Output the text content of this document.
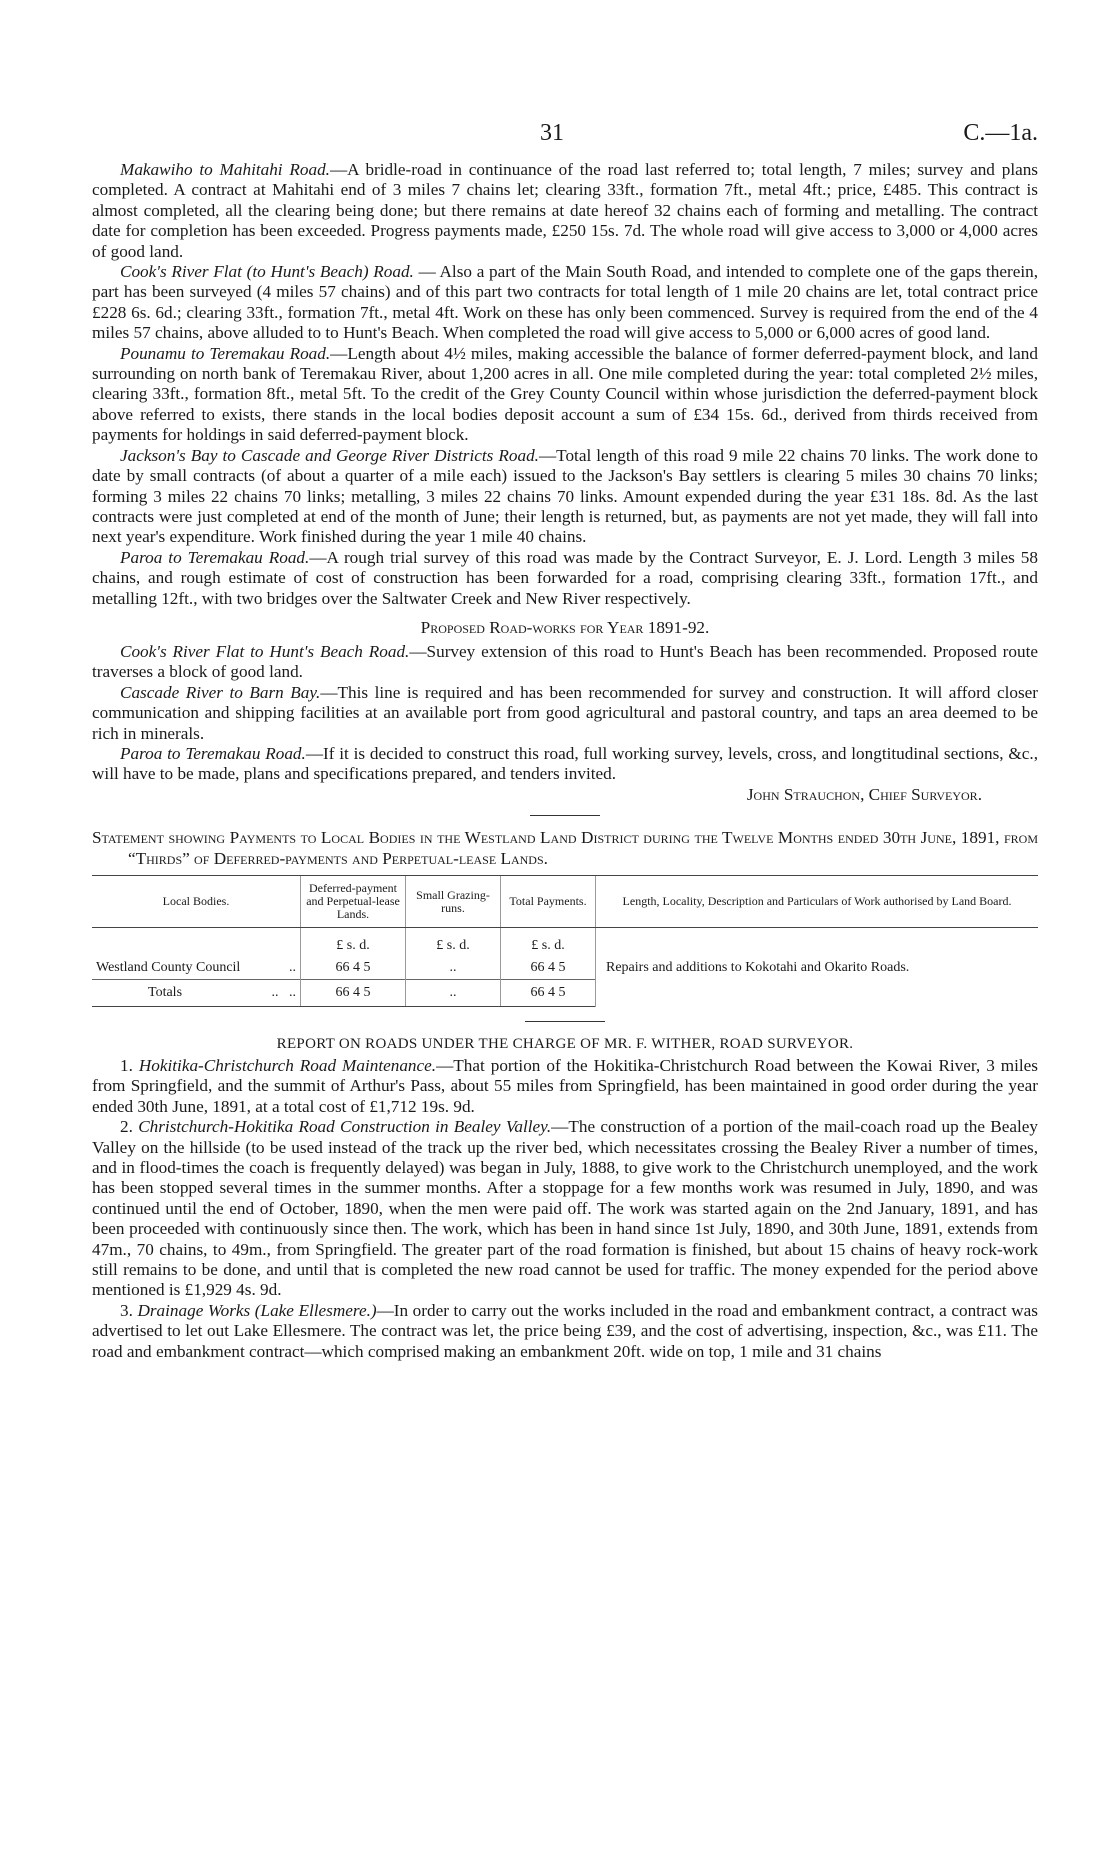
31	C.—1a.

Makawiho to Mahitahi Road.—A bridle-road in continuance of the road last referred to; total length, 7 miles; survey and plans completed. A contract at Mahitahi end of 3 miles 7 chains let; clearing 33ft., formation 7ft., metal 4ft.; price, £485. This contract is almost completed, all the clearing being done; but there remains at date hereof 32 chains each of forming and metalling. The contract date for completion has been exceeded. Progress payments made, £250 15s. 7d. The whole road will give access to 3,000 or 4,000 acres of good land.

Cook's River Flat (to Hunt's Beach) Road. — Also a part of the Main South Road, and intended to complete one of the gaps therein, part has been surveyed (4 miles 57 chains) and of this part two contracts for total length of 1 mile 20 chains are let, total contract price £228 6s. 6d.; clearing 33ft., formation 7ft., metal 4ft. Work on these has only been commenced. Survey is required from the end of the 4 miles 57 chains, above alluded to to Hunt's Beach. When completed the road will give access to 5,000 or 6,000 acres of good land.

Pounamu to Teremakau Road.—Length about 4½ miles, making accessible the balance of former deferred-payment block, and land surrounding on north bank of Teremakau River, about 1,200 acres in all. One mile completed during the year: total completed 2½ miles, clearing 33ft., formation 8ft., metal 5ft. To the credit of the Grey County Council within whose jurisdiction the deferred-payment block above referred to exists, there stands in the local bodies deposit account a sum of £34 15s. 6d., derived from thirds received from payments for holdings in said deferred-payment block.

Jackson's Bay to Cascade and George River Districts Road.—Total length of this road 9 mile 22 chains 70 links. The work done to date by small contracts (of about a quarter of a mile each) issued to the Jackson's Bay settlers is clearing 5 miles 30 chains 70 links; forming 3 miles 22 chains 70 links; metalling, 3 miles 22 chains 70 links. Amount expended during the year £31 18s. 8d. As the last contracts were just completed at end of the month of June; their length is returned, but, as payments are not yet made, they will fall into next year's expenditure. Work finished during the year 1 mile 40 chains.

Paroa to Teremakau Road.—A rough trial survey of this road was made by the Contract Surveyor, E. J. Lord. Length 3 miles 58 chains, and rough estimate of cost of construction has been forwarded for a road, comprising clearing 33ft., formation 17ft., and metalling 12ft., with two bridges over the Saltwater Creek and New River respectively.

Proposed Road-works for Year 1891-92.

Cook's River Flat to Hunt's Beach Road.—Survey extension of this road to Hunt's Beach has been recommended. Proposed route traverses a block of good land.

Cascade River to Barn Bay.—This line is required and has been recommended for survey and construction. It will afford closer communication and shipping facilities at an available port from good agricultural and pastoral country, and taps an area deemed to be rich in minerals.

Paroa to Teremakau Road.—If it is decided to construct this road, full working survey, levels, cross, and longtitudinal sections, &c., will have to be made, plans and specifications prepared, and tenders invited.

John Strauchon, Chief Surveyor.

Statement showing Payments to Local Bodies in the Westland Land District during the Twelve Months ended 30th June, 1891, from “Thirds” of Deferred-payments and Perpetual-lease Lands.

Local Bodies.	Deferred-payment and Perpetual-lease Lands.	Small Grazing-runs.	Total Payments.	Length, Locality, Description and Particulars of Work authorised by Land Board.
	£ s. d.	£ s. d.	£ s. d.	
Westland County Council ..	66 4 5	..	66 4 5	Repairs and additions to Kokotahi and Okarito Roads.
Totals ..   ..	66 4 5	..	66 4 5	
REPORT ON ROADS UNDER THE CHARGE OF MR. F. WITHER, ROAD SURVEYOR.

1. Hokitika-Christchurch Road Maintenance.—That portion of the Hokitika-Christchurch Road between the Kowai River, 3 miles from Springfield, and the summit of Arthur's Pass, about 55 miles from Springfield, has been maintained in good order during the year ended 30th June, 1891, at a total cost of £1,712 19s. 9d.

2. Christchurch-Hokitika Road Construction in Bealey Valley.—The construction of a portion of the mail-coach road up the Bealey Valley on the hillside (to be used instead of the track up the river bed, which necessitates crossing the Bealey River a number of times, and in flood-times the coach is frequently delayed) was began in July, 1888, to give work to the Christchurch unemployed, and the work has been stopped several times in the summer months. After a stoppage for a few months work was resumed in July, 1890, and was continued until the end of October, 1890, when the men were paid off. The work was started again on the 2nd January, 1891, and has been proceeded with continuously since then. The work, which has been in hand since 1st July, 1890, and 30th June, 1891, extends from 47m., 70 chains, to 49m., from Springfield. The greater part of the road formation is finished, but about 15 chains of heavy rock-work still remains to be done, and until that is completed the new road cannot be used for traffic. The money expended for the period above mentioned is £1,929 4s. 9d.

3. Drainage Works (Lake Ellesmere.)—In order to carry out the works included in the road and embankment contract, a contract was advertised to let out Lake Ellesmere. The contract was let, the price being £39, and the cost of advertising, inspection, &c., was £11. The road and embankment contract—which comprised making an embankment 20ft. wide on top, 1 mile and 31 chains
